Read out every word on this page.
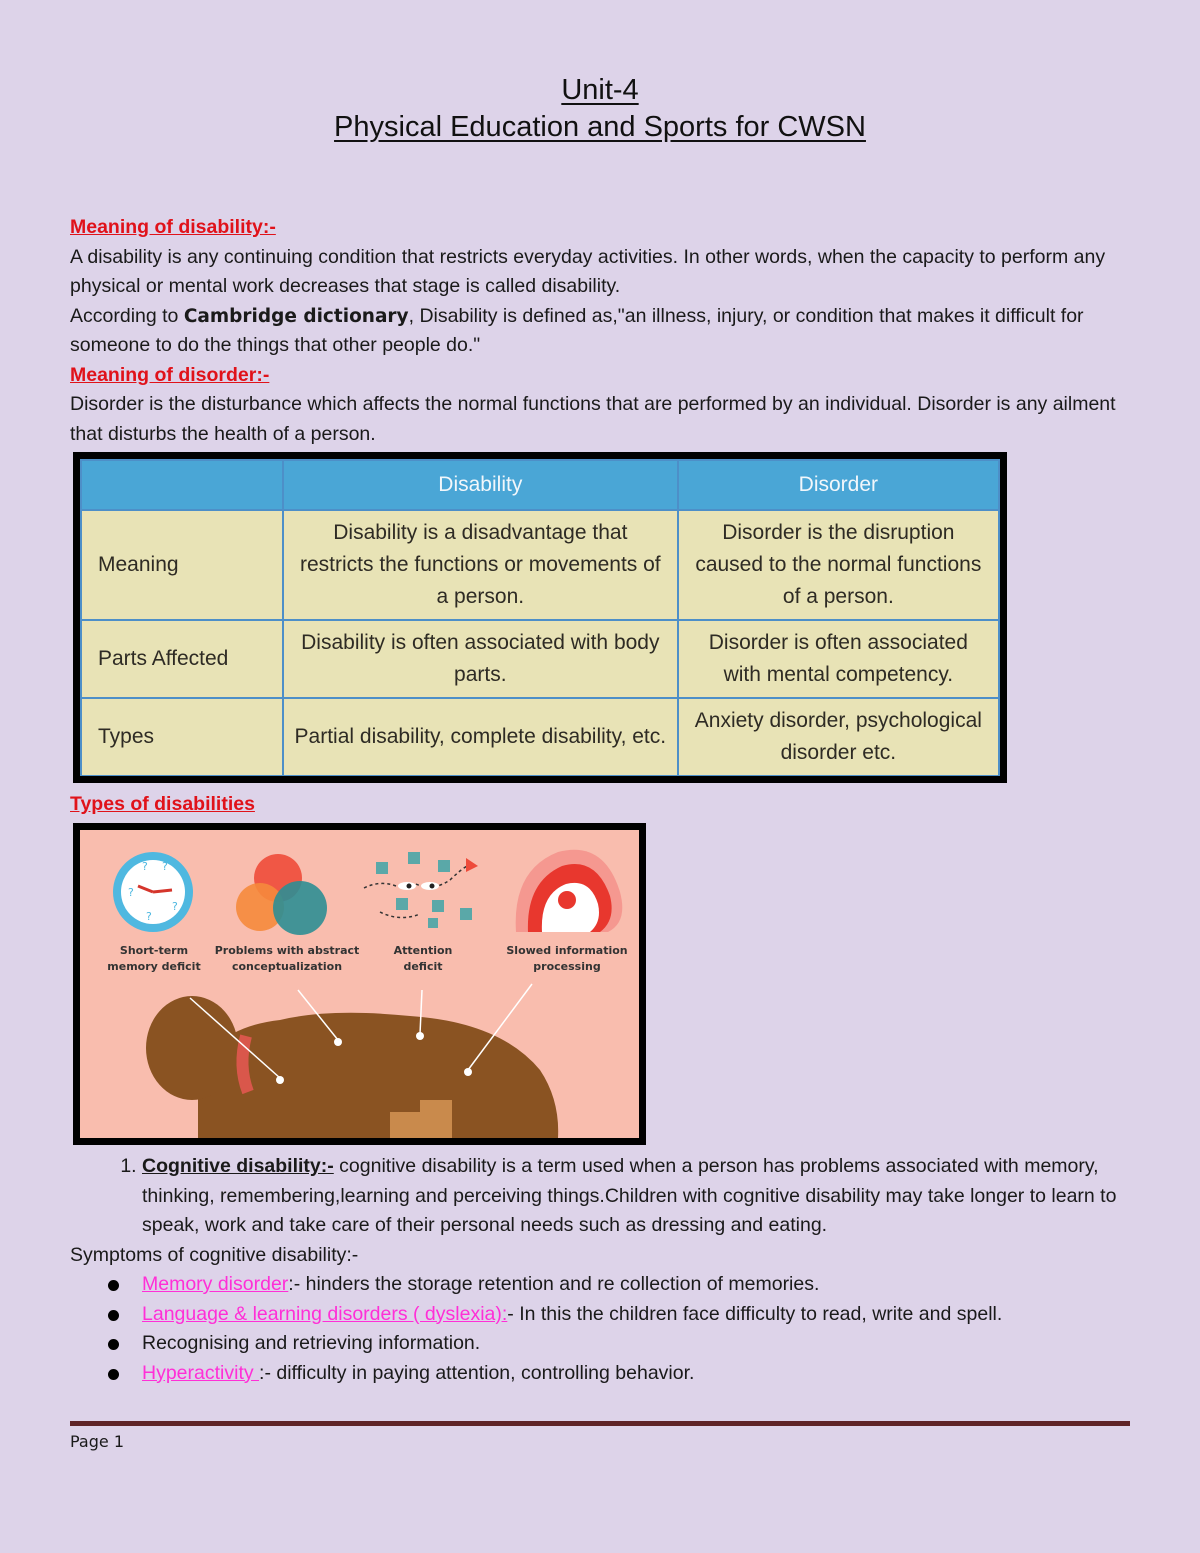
Unit-4
Physical Education and Sports for CWSN

Meaning of disability:-

A disability is any continuing condition that restricts everyday activities. In other words, when the capacity to perform any physical or mental work decreases that stage is called disability.

According to Cambridge dictionary, Disability is defined as,"an illness, injury, or condition that makes it difficult for someone to do the things that other people do."

Meaning of disorder:-

Disorder is the disturbance which affects the normal functions that are performed by an individual. Disorder is any ailment that disturbs the health of a person.

	Disability	Disorder
Meaning	Disability is a disadvantage that restricts the functions or movements of a person.	Disorder is the disruption caused to the normal functions of a person.
Parts Affected	Disability is often associated with body parts.	Disorder is often associated with mental competency.
Types	Partial disability, complete disability, etc.	Anxiety disorder, psychological disorder etc.
Types of disabilities
? ?
?
?
?
Short-term
memory deficit
Problems with abstract
conceptualization
Attention
deficit
Slowed information
processing
1. Cognitive disability:- cognitive disability is a term used when a person has problems associated with memory, thinking, remembering,learning and perceiving things.Children with cognitive disability may take longer to learn to speak, work and take care of their personal needs such as dressing and eating.

Symptoms of cognitive disability:-

Memory disorder:- hinders the storage retention and re collection of memories.
Language & learning disorders ( dyslexia):- In this the children face difficulty to read, write and spell.
Recognising and retrieving information.
Hyperactivity :- difficulty in paying attention, controlling behavior.
Page 1
